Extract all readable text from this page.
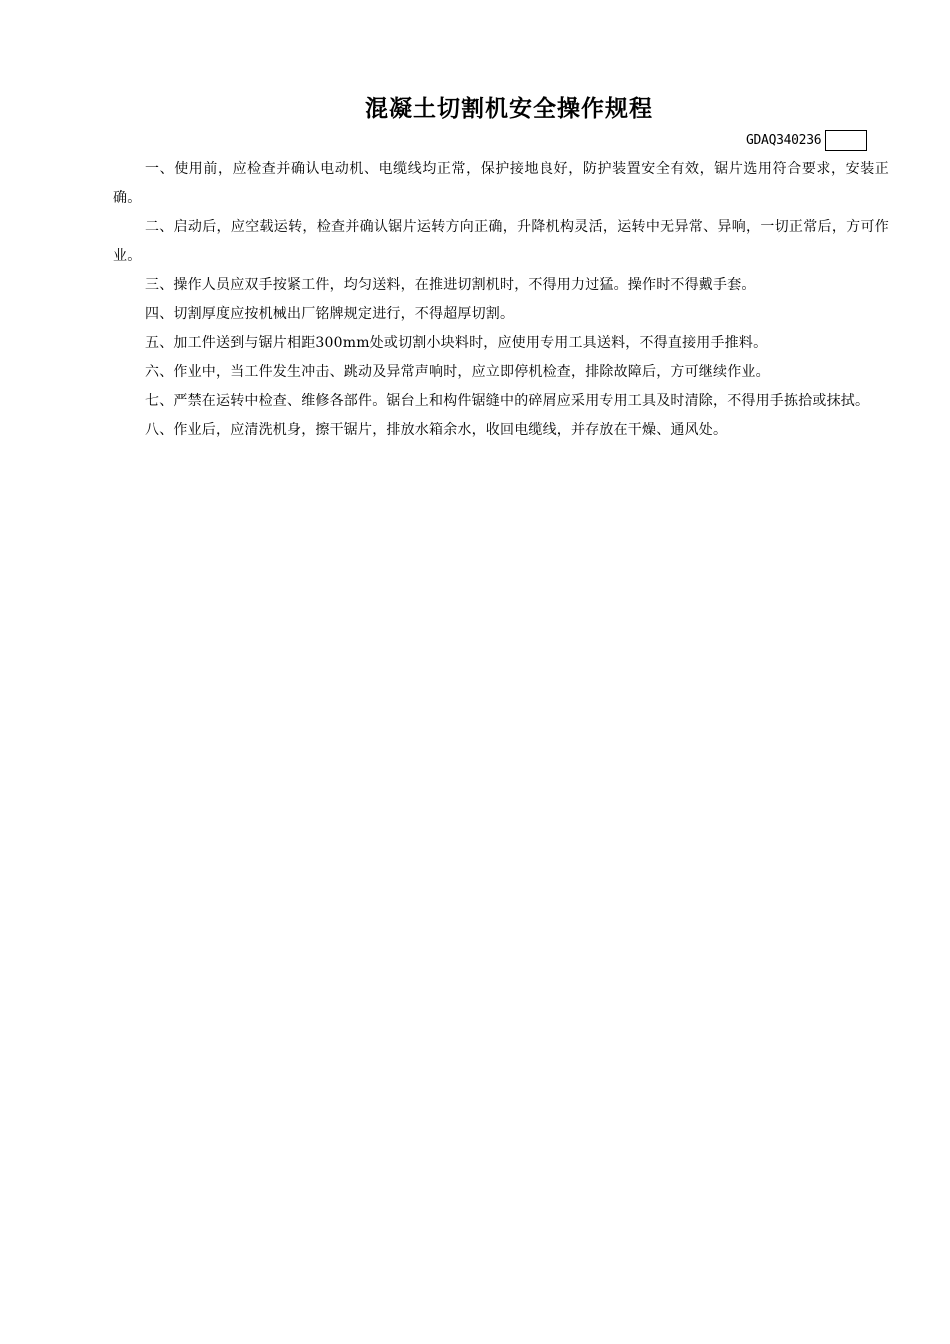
混凝土切割机安全操作规程
GDAQ340236

一、使用前，应检查并确认电动机、电缆线均正常，保护接地良好，防护装置安全有效，锯片选用符合要求，安装正确。

二、启动后，应空载运转，检查并确认锯片运转方向正确，升降机构灵活，运转中无异常、异响，一切正常后，方可作业。

三、操作人员应双手按紧工件，均匀送料，在推进切割机时，不得用力过猛。操作时不得戴手套。

四、切割厚度应按机械出厂铭牌规定进行，不得超厚切割。

五、加工件送到与锯片相距300mm处或切割小块料时，应使用专用工具送料，不得直接用手推料。

六、作业中，当工件发生冲击、跳动及异常声响时，应立即停机检查，排除故障后，方可继续作业。

七、严禁在运转中检查、维修各部件。锯台上和构件锯缝中的碎屑应采用专用工具及时清除，不得用手拣拾或抹拭。

八、作业后，应清洗机身，擦干锯片，排放水箱余水，收回电缆线，并存放在干燥、通风处。
